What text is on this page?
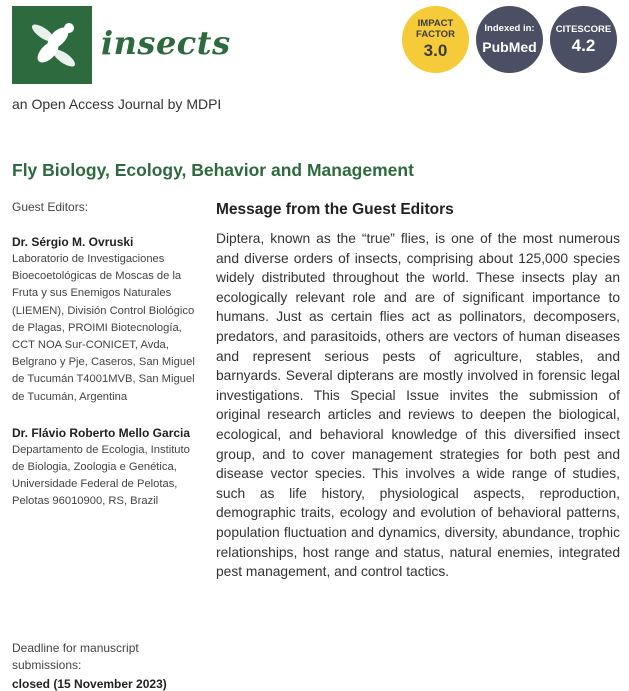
insects
IMPACT
FACTOR
3.0
Indexed in:
PubMed
CITESCORE
4.2
an Open Access Journal by MDPI
Fly Biology, Ecology, Behavior and Management
Guest Editors:
Dr. Sérgio M. Ovruski
Laboratorio de Investigaciones Bioecoetológicas de Moscas de la Fruta y sus Enemigos Naturales (LIEMEN), División Control Biológico de Plagas, PROIMI Biotecnología, CCT NOA Sur-CONICET, Avda, Belgrano y Pje, Caseros, San Miguel de Tucumán T4001MVB, San Miguel de Tucumán, Argentina
Dr. Flávio Roberto Mello Garcia
Departamento de Ecologia, Instituto de Biologia, Zoologia e Genética, Universidade Federal de Pelotas, Pelotas 96010900, RS, Brazil
Deadline for manuscript submissions:
closed (15 November 2023)
Message from the Guest Editors
Diptera, known as the “true” flies, is one of the most numerous and diverse orders of insects, comprising about 125,000 species widely distributed throughout the world. These insects play an ecologically relevant role and are of significant importance to humans. Just as certain flies act as pollinators, decomposers, predators, and parasitoids, others are vectors of human diseases and represent serious pests of agriculture, stables, and barnyards. Several dipterans are mostly involved in forensic legal investigations. This Special Issue invites the submission of original research articles and reviews to deepen the biological, ecological, and behavioral knowledge of this diversified insect group, and to cover management strategies for both pest and disease vector species. This involves a wide range of studies, such as life history, physiological aspects, reproduction, demographic traits, ecology and evolution of behavioral patterns, population fluctuation and dynamics, diversity, abundance, trophic relationships, host range and status, natural enemies, integrated pest management, and control tactics.
